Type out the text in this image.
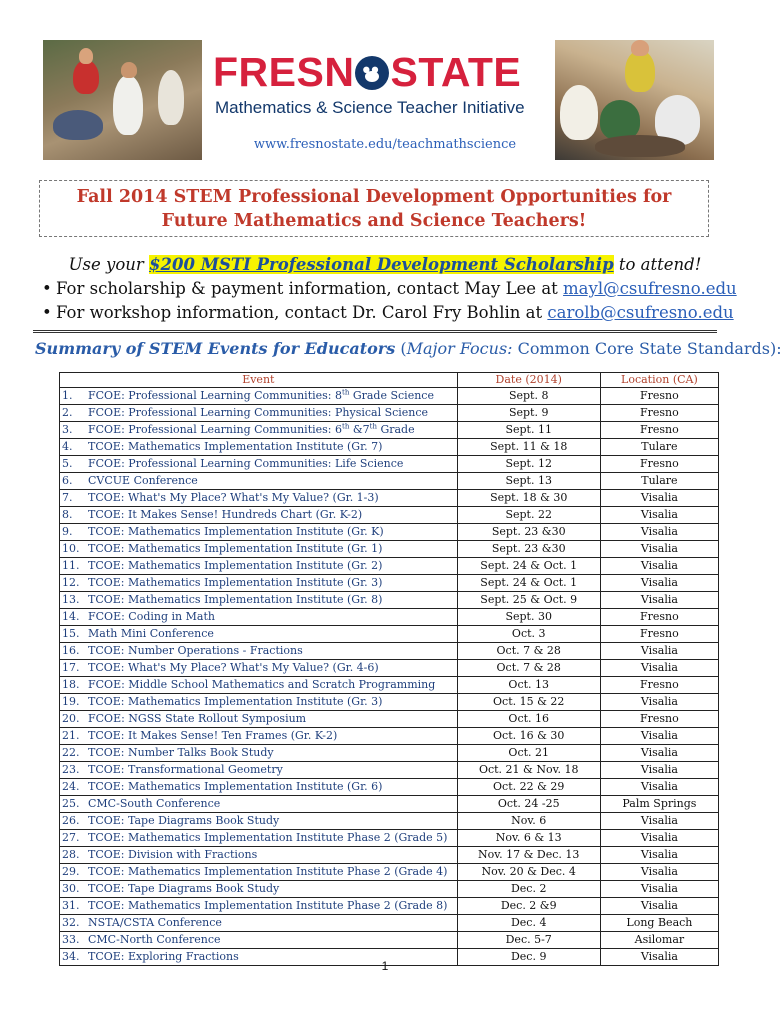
FRESN •• STATE
Mathematics & Science Teacher Initiative
www.fresnostate.edu/teachmathscience
Fall 2014 STEM Professional Development Opportunities for
Future Mathematics and Science Teachers!
Use your $200 MSTI Professional Development Scholarship to attend!
• For scholarship & payment information, contact May Lee at mayl@csufresno.edu
• For workshop information, contact Dr. Carol Fry Bohlin at carolb@csufresno.edu
Summary of STEM Events for Educators (Major Focus: Common Core State Standards):
Event	Date (2014)	Location (CA)
1. FCOE: Professional Learning Communities: 8th Grade Science	Sept. 8	Fresno
2. FCOE: Professional Learning Communities: Physical Science	Sept. 9	Fresno
3. FCOE: Professional Learning Communities: 6th &7th Grade	Sept. 11	Fresno
4. TCOE: Mathematics Implementation Institute (Gr. 7)	Sept. 11 & 18	Tulare
5. FCOE: Professional Learning Communities: Life Science	Sept. 12	Fresno
6. CVCUE Conference	Sept. 13	Tulare
7. TCOE: What's My Place? What's My Value? (Gr. 1-3)	Sept. 18 & 30	Visalia
8. TCOE: It Makes Sense! Hundreds Chart (Gr. K-2)	Sept. 22	Visalia
9. TCOE: Mathematics Implementation Institute (Gr. K)	Sept. 23 &30	Visalia
10. TCOE: Mathematics Implementation Institute (Gr. 1)	Sept. 23 &30	Visalia
11. TCOE: Mathematics Implementation Institute (Gr. 2)	Sept. 24 & Oct. 1	Visalia
12. TCOE: Mathematics Implementation Institute (Gr. 3)	Sept. 24 & Oct. 1	Visalia
13. TCOE: Mathematics Implementation Institute (Gr. 8)	Sept. 25 & Oct. 9	Visalia
14. FCOE: Coding in Math	Sept. 30	Fresno
15. Math Mini Conference	Oct. 3	Fresno
16. TCOE: Number Operations - Fractions	Oct. 7 & 28	Visalia
17. TCOE: What's My Place? What's My Value? (Gr. 4-6)	Oct. 7 & 28	Visalia
18. FCOE: Middle School Mathematics and Scratch Programming	Oct. 13	Fresno
19. TCOE: Mathematics Implementation Institute (Gr. 3)	Oct. 15 & 22	Visalia
20. FCOE: NGSS State Rollout Symposium	Oct. 16	Fresno
21. TCOE: It Makes Sense! Ten Frames (Gr. K-2)	Oct. 16 & 30	Visalia
22. TCOE: Number Talks Book Study	Oct. 21	Visalia
23. TCOE: Transformational Geometry	Oct. 21 & Nov. 18	Visalia
24. TCOE: Mathematics Implementation Institute (Gr. 6)	Oct. 22 & 29	Visalia
25. CMC-South Conference	Oct. 24 -25	Palm Springs
26. TCOE: Tape Diagrams Book Study	Nov. 6	Visalia
27. TCOE: Mathematics Implementation Institute Phase 2 (Grade 5)	Nov. 6 & 13	Visalia
28. TCOE: Division with Fractions	Nov. 17 & Dec. 13	Visalia
29. TCOE: Mathematics Implementation Institute Phase 2 (Grade 4)	Nov. 20 & Dec. 4	Visalia
30. TCOE: Tape Diagrams Book Study	Dec. 2	Visalia
31. TCOE: Mathematics Implementation Institute Phase 2 (Grade 8)	Dec. 2 &9	Visalia
32. NSTA/CSTA Conference	Dec. 4	Long Beach
33. CMC-North Conference	Dec. 5-7	Asilomar
34. TCOE: Exploring Fractions	Dec. 9	Visalia
1
